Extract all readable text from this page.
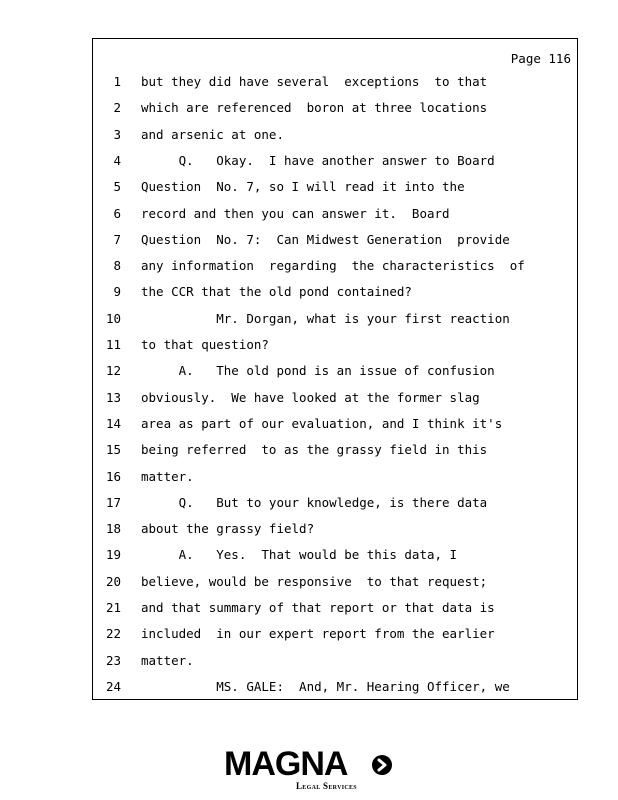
Page 116
1 but they did have several  exceptions  to that
2 which are referenced  boron at three locations
3 and arsenic at one.
4 Q.   Okay.  I have another answer to Board
5 Question  No. 7, so I will read it into the
6 record and then you can answer it.  Board
7 Question  No. 7:  Can Midwest Generation  provide
8 any information  regarding  the characteristics  of
9 the CCR that the old pond contained?
10 Mr. Dorgan, what is your first reaction
11 to that question?
12 A.   The old pond is an issue of confusion
13 obviously.  We have looked at the former slag
14 area as part of our evaluation, and I think it's
15 being referred  to as the grassy field in this
16 matter.
17 Q.   But to your knowledge, is there data
18 about the grassy field?
19 A.   Yes.  That would be this data, I
20 believe, would be responsive  to that request;
21 and that summary of that report or that data is
22 included  in our expert report from the earlier
23 matter.
24 MS. GALE:  And, Mr. Hearing Officer, we
MAGNA
Legal Services
